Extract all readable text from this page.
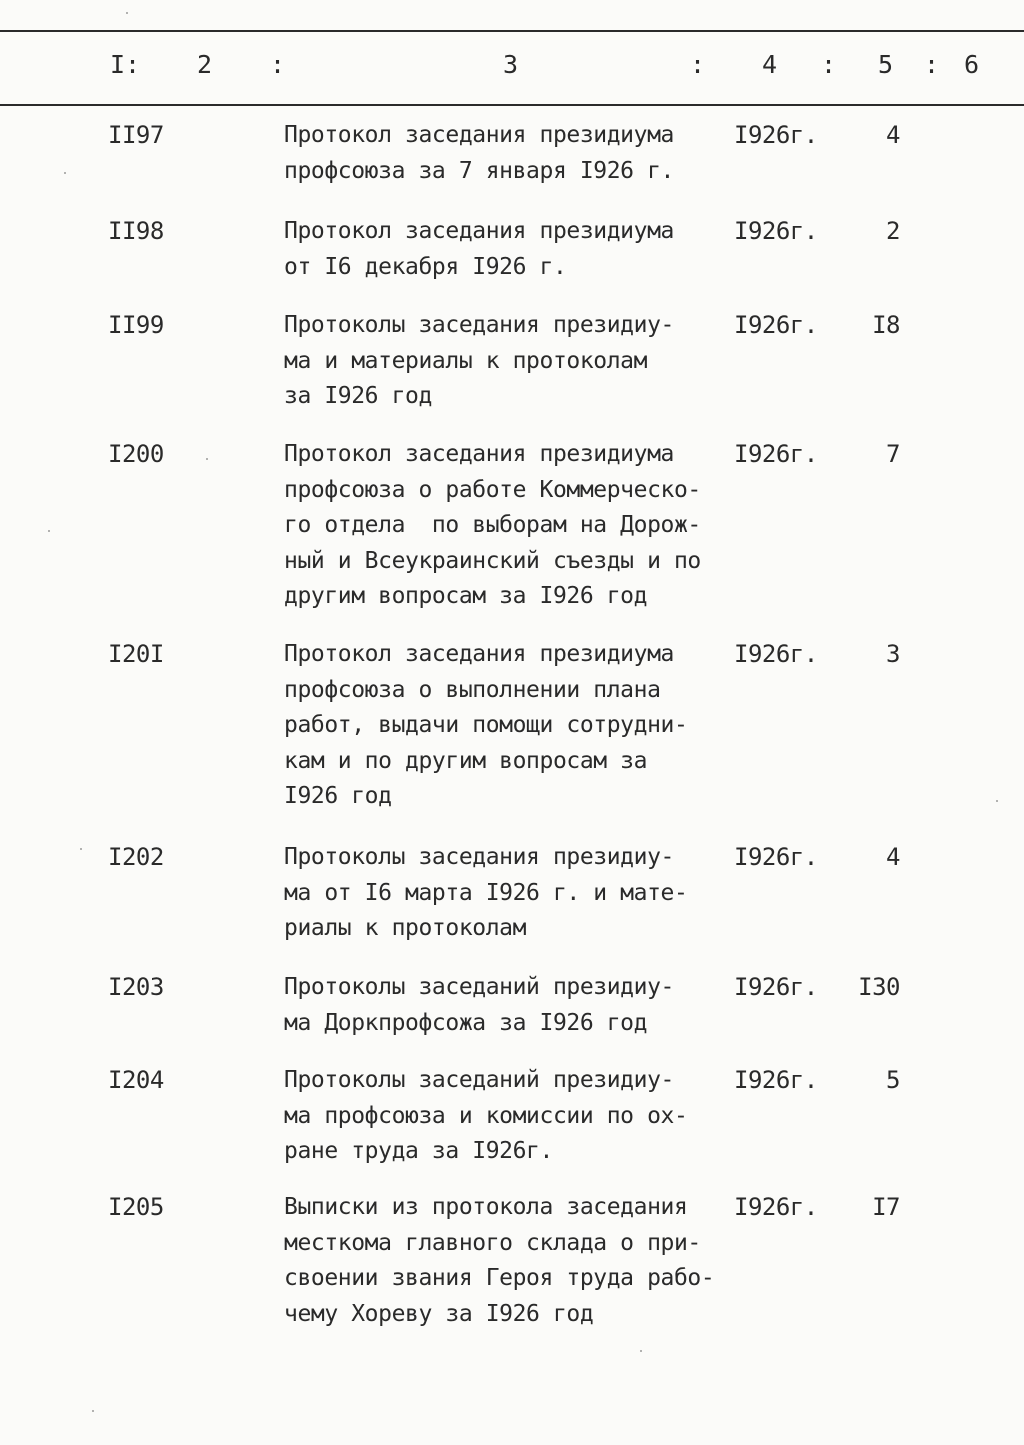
I: 2 :	3	: 4 : 5 : 6
II97	Протокол заседания президиума
профсоюза за 7 января I926 г.
I926г.	4
II98	Протокол заседания президиума
от I6 декабря I926 г.
I926г.	2
II99	Протоколы заседания президиу-
ма и материалы к протоколам
за I926 год
I926г.	I8
I200	Протокол заседания президиума
профсоюза о работе Коммерческо-
го отдела  по выборам на Дорож-
ный и Всеукраинский съезды и по
другим вопросам за I926 год
I926г.	7
I20I	Протокол заседания президиума
профсоюза о выполнении плана
работ, выдачи помощи сотрудни-
кам и по другим вопросам за
I926 год
I926г.	3
I202	Протоколы заседания президиу-
ма от I6 марта I926 г. и мате-
риалы к протоколам
I926г.	4
I203	Протоколы заседаний президиу-
ма Доркпрофсожа за I926 год
I926г.	I30
I204	Протоколы заседаний президиу-
ма профсоюза и комиссии по ох-
ране труда за I926г.
I926г.	5
I205	Выписки из протокола заседания
месткома главного склада о при-
своении звания Героя труда рабо-
чему Хореву за I926 год
I926г.	I7
